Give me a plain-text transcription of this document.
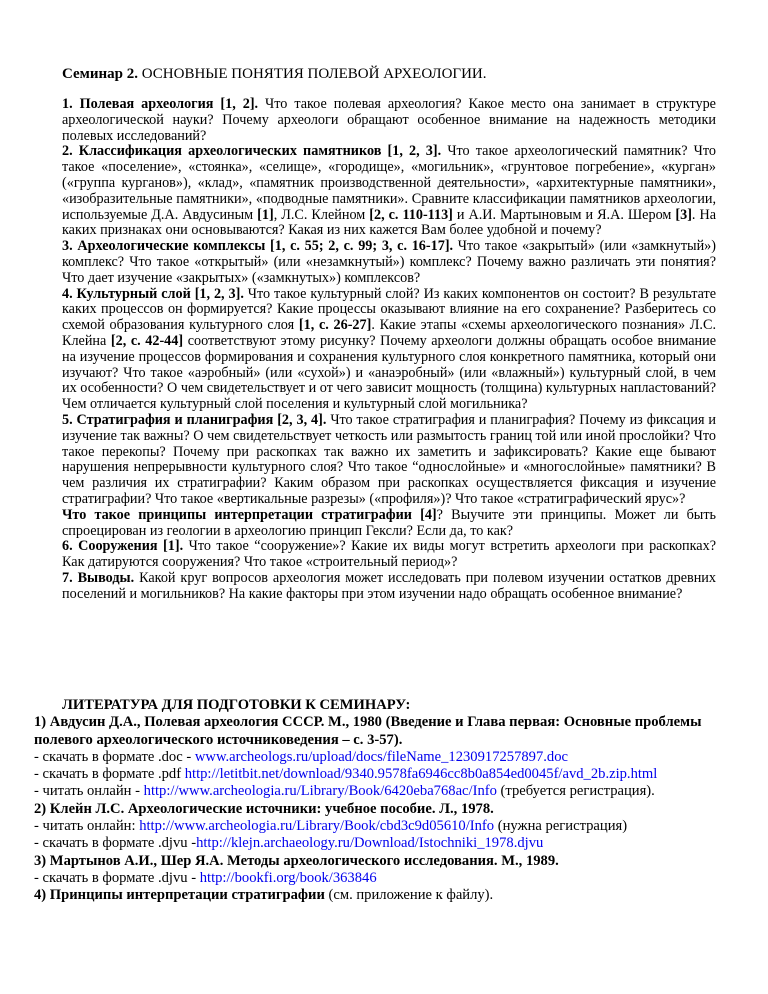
Семинар 2. ОСНОВНЫЕ ПОНЯТИЯ ПОЛЕВОЙ АРХЕОЛОГИИ.

1. Полевая археология [1, 2]. Что такое полевая археология? Какое место она занимает в структуре археологической науки? Почему археологи обращают особенное внимание на надежность методики полевых исследований?

2. Классификация археологических памятников [1, 2, 3]. Что такое археологический памятник? Что такое «поселение», «стоянка», «селище», «городище», «могильник», «грунтовое погребение», «курган» («группа курганов»), «клад», «памятник производственной деятельности», «архитектурные памятники», «изобразительные памятники», «подводные памятники». Сравните классификации памятников археологии, используемые Д.А. Авдусиным [1], Л.С. Клейном [2, с. 110-113] и А.И. Мартыновым и Я.А. Шером [3]. На каких признаках они основываются? Какая из них кажется Вам более удобной и почему?

3. Археологические комплексы [1, с. 55; 2, с. 99; 3, с. 16-17]. Что такое «закрытый» (или «замкнутый») комплекс? Что такое «открытый» (или «незамкнутый») комплекс? Почему важно различать эти понятия? Что дает изучение «закрытых» («замкнутых») комплексов?

4. Культурный слой [1, 2, 3]. Что такое культурный слой? Из каких компонентов он состоит? В результате каких процессов он формируется? Какие процессы оказывают влияние на его сохранение? Разберитесь со схемой образования культурного слоя [1, с. 26-27]. Какие этапы «схемы археологического познания» Л.С. Клейна [2, с. 42-44] соответствуют этому рисунку? Почему археологи должны обращать особое внимание на изучение процессов формирования и сохранения культурного слоя конкретного памятника, который они изучают? Что такое «аэробный» (или «сухой») и «анаэробный» (или «влажный») культурный слой, в чем их особенности? О чем свидетельствует и от чего зависит мощность (толщина) культурных напластований? Чем отличается культурный слой поселения и культурный слой могильника?

5. Стратиграфия и планиграфия [2, 3, 4]. Что такое стратиграфия и планиграфия? Почему из фиксация и изучение так важны? О чем свидетельствует четкость или размытость границ той или иной прослойки? Что такое перекопы? Почему при раскопках так важно их заметить и зафиксировать? Какие еще бывают нарушения непрерывности культурного слоя? Что такое “однослойные» и «многослойные» памятники? В чем различия их стратиграфии? Каким образом при раскопках осуществляется фиксация и изучение стратиграфии? Что такое «вертикальные разрезы» («профиля»)? Что такое «стратиграфический ярус»?

Что такое принципы интерпретации стратиграфии [4]? Выучите эти принципы. Может ли быть спроецирован из геологии в археологию принцип Гексли? Если да, то как?

6. Сооружения [1]. Что такое “сооружение»? Какие их виды могут встретить археологи при раскопках? Как датируются сооружения? Что такое «строительный период»?

7. Выводы. Какой круг вопросов археология может исследовать при полевом изучении остатков древних поселений и могильников? На какие факторы при этом изучении надо обращать особенное внимание?

ЛИТЕРАТУРА ДЛЯ ПОДГОТОВКИ К СЕМИНАРУ:
1) Авдусин Д.А., Полевая археология СССР. М., 1980 (Введение и Глава первая: Основные проблемы полевого археологического источниковедения – с. 3-57).
- скачать в формате .doc - www.archeologs.ru/upload/docs/fileName_1230917257897.doc
- скачать в формате .pdf http://letitbit.net/download/9340.9578fa6946cc8b0a854ed0045f/avd_2b.zip.html
- читать онлайн - http://www.archeologia.ru/Library/Book/6420eba768ac/Info (требуется регистрация).
2) Клейн Л.С. Археологические источники: учебное пособие. Л., 1978.
- читать онлайн: http://www.archeologia.ru/Library/Book/cbd3c9d05610/Info (нужна регистрация)
- скачать в формате .djvu -http://klejn.archaeology.ru/Download/Istochniki_1978.djvu
3) Мартынов А.И., Шер Я.А. Методы археологического исследования. М., 1989.
- скачать в формате .djvu - http://bookfi.org/book/363846
4) Принципы интерпретации стратиграфии (см. приложение к файлу).
